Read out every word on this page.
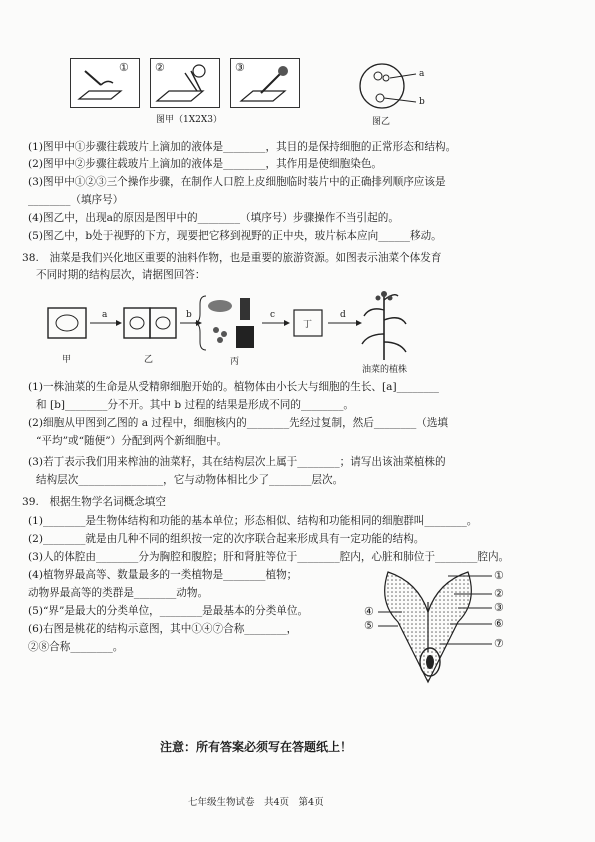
① ②	③
图甲（1X2X3）
a
b
图乙
(1)图甲中①步骤往载玻片上滴加的液体是________，其目的是保持细胞的正常形态和结构。
(2)图甲中②步骤往载玻片上滴加的液体是________，其作用是使细胞染色。
(3)图甲中①②③三个操作步骤，在制作人口腔上皮细胞临时装片中的正确排列顺序应该是
________（填序号）
(4)图乙中，出现a的原因是图甲中的________（填序号）步骤操作不当引起的。
(5)图乙中，b处于视野的下方，现要把它移到视野的正中央，玻片标本应向______移动。
38.　油菜是我们兴化地区重要的油料作物，也是重要的旅游资源。如图表示油菜个体发育
不同时期的结构层次，请据图回答：
a	b	c
丁
d
甲	乙	丙
油菜的植株
(1)一株油菜的生命是从受精卵细胞开始的。植物体由小长大与细胞的生长、[a]________
和 [b]________分不开。其中 b 过程的结果是形成不同的________。
(2)细胞从甲图到乙图的 a 过程中，细胞核内的________先经过复制，然后________（选填
“平均”或“随便”）分配到两个新细胞中。
(3)若丁表示我们用来榨油的油菜籽，其在结构层次上属于________；请写出该油菜植株的
结构层次________________，它与动物体相比少了________层次。
39.　根据生物学名词概念填空
(1)________是生物体结构和功能的基本单位；形态相似、结构和功能相同的细胞群叫________。
(2)________就是由几种不同的组织按一定的次序联合起来形成具有一定功能的结构。
(3)人的体腔由________分为胸腔和腹腔；肝和肾脏等位于________腔内，心脏和肺位于________腔内。
(4)植物界最高等、数量最多的一类植物是________植物；
动物界最高等的类群是________动物。
(5)“界”是最大的分类单位，________是最基本的分类单位。
(6)右图是桃花的结构示意图，其中①④⑦合称________，
②⑧合称________。
①
②
③
④
⑤	⑥
⑦
注意：所有答案必须写在答题纸上！
七年级生物试卷　共4页　第4页
